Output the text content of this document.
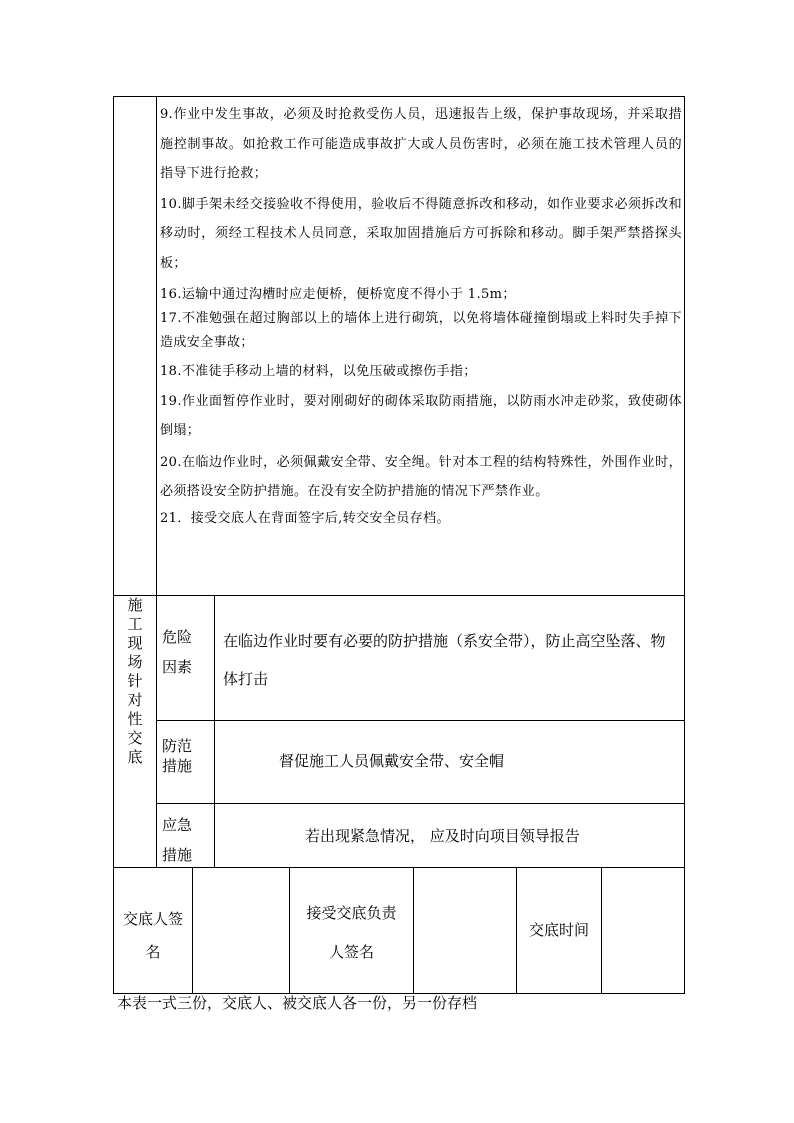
9.作业中发生事故，必须及时抢救受伤人员，迅速报告上级，保护事故现场，并采取措施控制事故。如抢救工作可能造成事故扩大或人员伤害时，必须在施工技术管理人员的指导下进行抢救；

10.脚手架未经交接验收不得使用，验收后不得随意拆改和移动，如作业要求必须拆改和移动时，须经工程技术人员同意，采取加固措施后方可拆除和移动。脚手架严禁搭探头板；

16.运输中通过沟槽时应走便桥，便桥宽度不得小于 1.5m；

17.不准勉强在超过胸部以上的墙体上进行砌筑，以免将墙体碰撞倒塌或上料时失手掉下造成安全事故；

18.不准徒手移动上墙的材料，以免压破或擦伤手指；

19.作业面暂停作业时，要对刚砌好的砌体采取防雨措施，以防雨水冲走砂浆，致使砌体倒塌；

20.在临边作业时，必须佩戴安全带、安全绳。针对本工程的结构特殊性，外围作业时，必须搭设安全防护措施。在没有安全防护措施的情况下严禁作业。

21．接受交底人在背面签字后,转交安全员存档。

施
工
现
场
针
对
性
交
底
危险
因素
在临边作业时要有必要的防护措施（系安全带），防止高空坠落、物体打击
防范
措施	督促施工人员佩戴安全带、安全帽
应急
措施
若出现紧急情况， 应及时向项目领导报告
交底人签
名
接受交底负责
人签名
交底时间
本表一式三份，交底人、被交底人各一份，另一份存档
